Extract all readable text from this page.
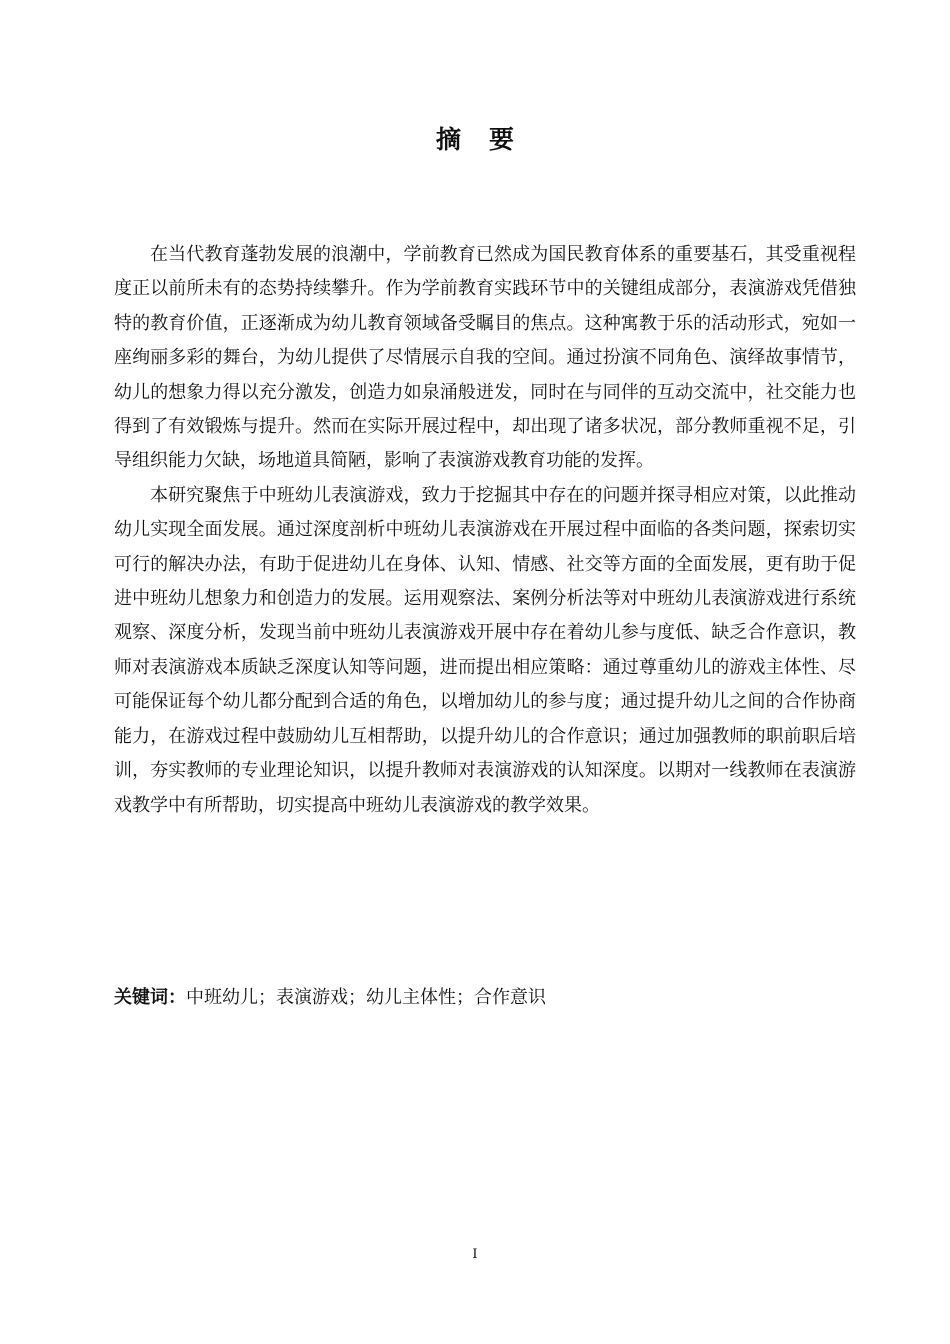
摘要

在当代教育蓬勃发展的浪潮中，学前教育已然成为国民教育体系的重要基石，其受重视程度正以前所未有的态势持续攀升。作为学前教育实践环节中的关键组成部分，表演游戏凭借独特的教育价值，正逐渐成为幼儿教育领域备受瞩目的焦点。这种寓教于乐的活动形式，宛如一座绚丽多彩的舞台，为幼儿提供了尽情展示自我的空间。通过扮演不同角色、演绎故事情节，幼儿的想象力得以充分激发，创造力如泉涌般迸发，同时在与同伴的互动交流中，社交能力也得到了有效锻炼与提升。然而在实际开展过程中，却出现了诸多状况，部分教师重视不足，引导组织能力欠缺，场地道具简陋，影响了表演游戏教育功能的发挥。

本研究聚焦于中班幼儿表演游戏，致力于挖掘其中存在的问题并探寻相应对策，以此推动幼儿实现全面发展。通过深度剖析中班幼儿表演游戏在开展过程中面临的各类问题，探索切实可行的解决办法，有助于促进幼儿在身体、认知、情感、社交等方面的全面发展，更有助于促进中班幼儿想象力和创造力的发展。运用观察法、案例分析法等对中班幼儿表演游戏进行系统观察、深度分析，发现当前中班幼儿表演游戏开展中存在着幼儿参与度低、缺乏合作意识，教师对表演游戏本质缺乏深度认知等问题，进而提出相应策略：通过尊重幼儿的游戏主体性、尽可能保证每个幼儿都分配到合适的角色，以增加幼儿的参与度；通过提升幼儿之间的合作协商能力，在游戏过程中鼓励幼儿互相帮助，以提升幼儿的合作意识；通过加强教师的职前职后培训，夯实教师的专业理论知识，以提升教师对表演游戏的认知深度。以期对一线教师在表演游戏教学中有所帮助，切实提高中班幼儿表演游戏的教学效果。

关键词：中班幼儿；表演游戏；幼儿主体性；合作意识
I
